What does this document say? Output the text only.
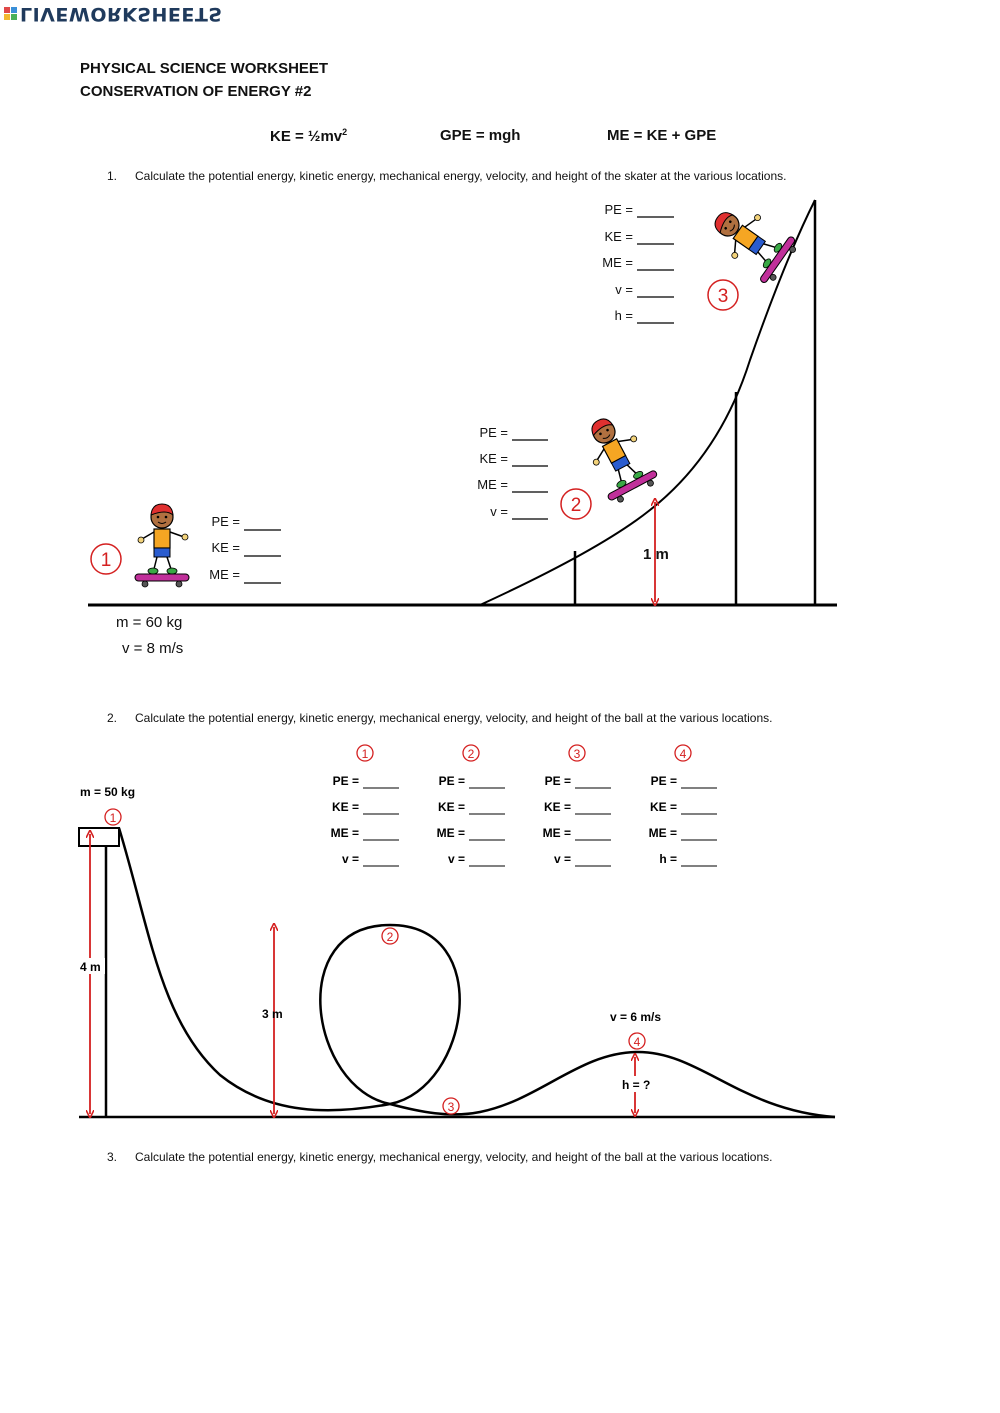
LIVEWORKSHEETS
PHYSICAL SCIENCE WORKSHEET
CONSERVATION OF ENERGY #2
KE = $\frac{1}{2}mv^2$	GPE = mgh	ME = KE + GPE
1. Calculate the potential energy, kinetic energy, mechanical energy, velocity, and height of the skater at the various locations.
2. Calculate the potential energy, kinetic energy, mechanical energy, velocity, and height of the ball at the various locations.
3. Calculate the potential energy, kinetic energy, mechanical energy, velocity, and height of the ball at the various locations.
1
2
3
PE =
KE =
ME =
PE =
KE =
ME =
v =
PE =
KE =
ME =
v =
h =
1 m
m = 60 kg
v = 8 m/s
1
PE =
KE =
ME =
v =
2
PE =
KE =
ME =
v =
3
PE =
KE =
ME =
v =
4
PE =
KE =
ME =
h =
m = 50 kg
4 m
3 m	v = 6 m/s
h = ?
1
2
3
4
